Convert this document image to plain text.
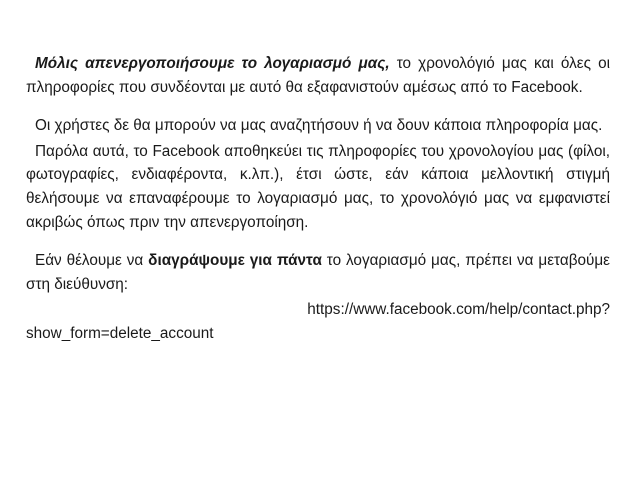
Μόλις απενεργοποιήσουμε το λογαριασμό μας, το χρονολόγιό μας και όλες οι πληροφορίες που συνδέονται με αυτό θα εξαφανιστούν αμέσως από το Facebook.

Οι χρήστες δε θα μπορούν να μας αναζητήσουν ή να δουν κάποια πληροφορία μας.

Παρόλα αυτά, το Facebook αποθηκεύει τις πληροφορίες του χρονολογίου μας (φίλοι, φωτογραφίες, ενδιαφέροντα, κ.λπ.), έτσι ώστε, εάν κάποια μελλοντική στιγμή θελήσουμε να επαναφέρουμε το λογαριασμό μας, το χρονολόγιό μας να εμφανιστεί ακριβώς όπως πριν την απενεργοποίηση.

Εάν θέλουμε να διαγράψουμε για πάντα το λογαριασμό μας, πρέπει να μεταβούμε στη διεύθυνση:

https://www.facebook.com/help/contact.php?

show_form=delete_account
